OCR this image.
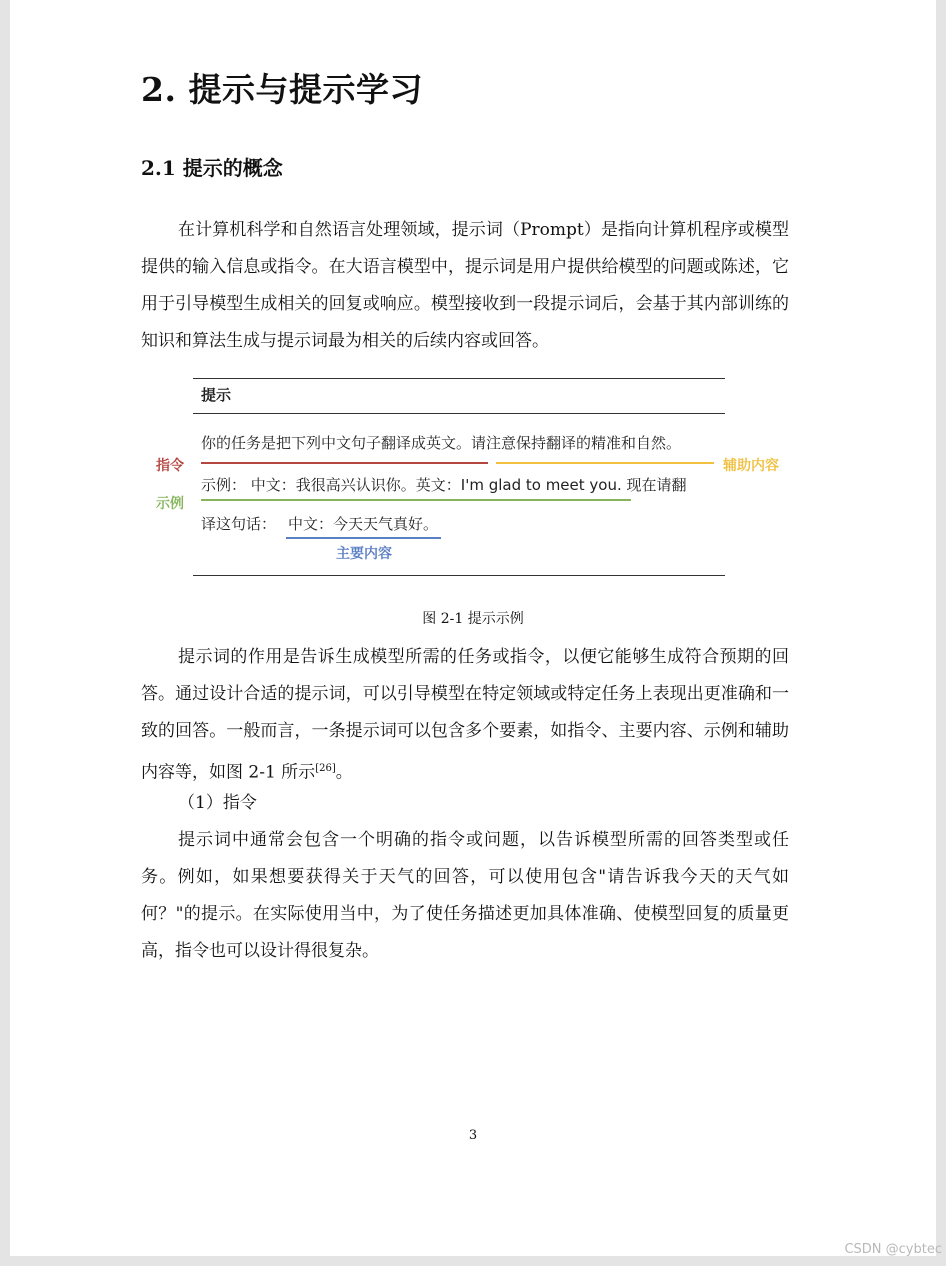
2. 提示与提示学习
2.1 提示的概念

在计算机科学和自然语言处理领域，提示词（Prompt）是指向计算机程序或模型提供的输入信息或指令。在大语言模型中，提示词是用户提供给模型的问题或陈述，它用于引导模型生成相关的回复或响应。模型接收到一段提示词后，会基于其内部训练的知识和算法生成与提示词最为相关的后续内容或回答。

提示
你的任务是把下列中文句子翻译成英文。请注意保持翻译的精准和自然。
指令	辅助内容
示例： 中文：我很高兴认识你。英文：I'm glad to meet you. 现在请翻
示例
译这句话： 中文：今天天气真好。
主要内容
图 2-1 提示示例

提示词的作用是告诉生成模型所需的任务或指令，以便它能够生成符合预期的回答。通过设计合适的提示词，可以引导模型在特定领域或特定任务上表现出更准确和一致的回答。一般而言，一条提示词可以包含多个要素，如指令、主要内容、示例和辅助内容等，如图 2-1 所示[26]。

（1）指令

提示词中通常会包含一个明确的指令或问题，以告诉模型所需的回答类型或任务。例如，如果想要获得关于天气的回答，可以使用包含"请告诉我今天的天气如何？"的提示。在实际使用当中，为了使任务描述更加具体准确、使模型回复的质量更高，指令也可以设计得很复杂。

3
CSDN @cybtec
